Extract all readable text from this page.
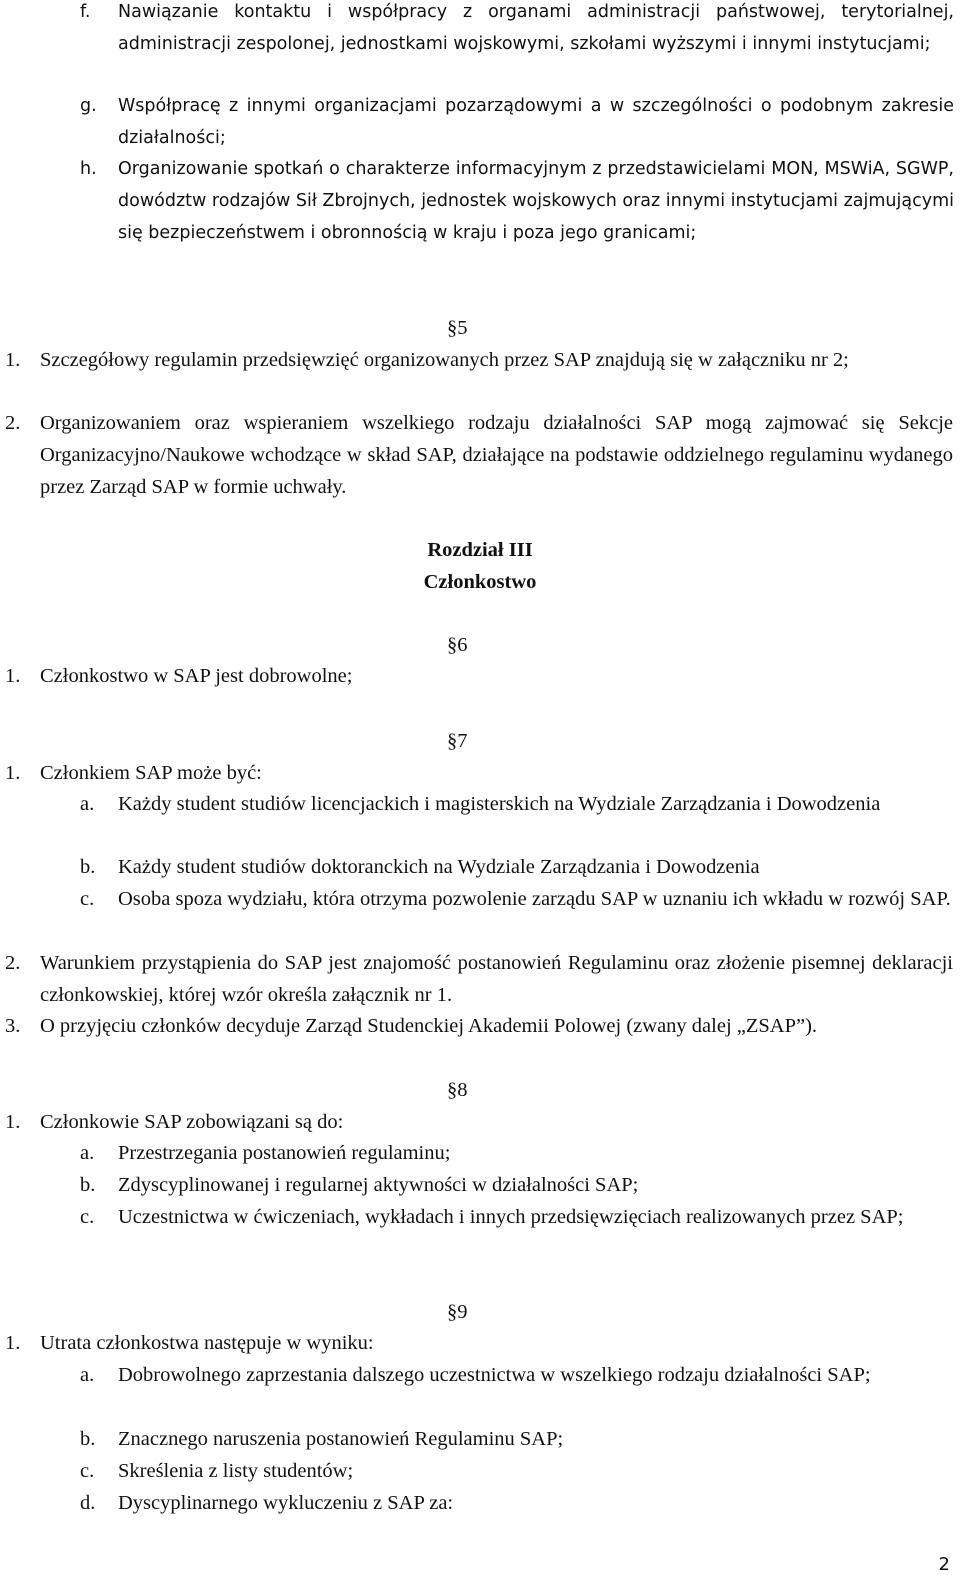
f. Nawiązanie kontaktu i współpracy z organami administracji państwowej, terytorialnej, administracji zespolonej, jednostkami wojskowymi, szkołami wyższymi i innymi instytucjami;
g. Współpracę z innymi organizacjami pozarządowymi a w szczególności o podobnym zakresie działalności;
h. Organizowanie spotkań o charakterze informacyjnym z przedstawicielami MON, MSWiA, SGWP, dowództw rodzajów Sił Zbrojnych, jednostek wojskowych oraz innymi instytucjami zajmującymi się bezpieczeństwem i obronnością w kraju i poza jego granicami;
§5
1. Szczegółowy regulamin przedsięwzięć organizowanych przez SAP znajdują się w załączniku nr 2;
2. Organizowaniem oraz wspieraniem wszelkiego rodzaju działalności SAP mogą zajmować się Sekcje Organizacyjno/Naukowe wchodzące w skład SAP, działające na podstawie oddzielnego regulaminu wydanego przez Zarząd SAP w formie uchwały.
Rozdział III
Członkostwo
§6
1. Członkostwo w SAP jest dobrowolne;
§7
1. Członkiem SAP może być:
a. Każdy student studiów licencjackich i magisterskich na Wydziale Zarządzania i Dowodzenia
b. Każdy student studiów doktoranckich na Wydziale Zarządzania i Dowodzenia
c. Osoba spoza wydziału, która otrzyma pozwolenie zarządu SAP w uznaniu ich wkładu w rozwój SAP.
2. Warunkiem przystąpienia do SAP jest znajomość postanowień Regulaminu oraz złożenie pisemnej deklaracji członkowskiej, której wzór określa załącznik nr 1.
3. O przyjęciu członków decyduje Zarząd Studenckiej Akademii Polowej (zwany dalej „ZSAP”).
§8
1. Członkowie SAP zobowiązani są do:
a. Przestrzegania postanowień regulaminu;
b. Zdyscyplinowanej i regularnej aktywności w działalności SAP;
c. Uczestnictwa w ćwiczeniach, wykładach i innych przedsięwzięciach realizowanych przez SAP;
§9
1. Utrata członkostwa następuje w wyniku:
a. Dobrowolnego zaprzestania dalszego uczestnictwa w wszelkiego rodzaju działalności SAP;
b. Znacznego naruszenia postanowień Regulaminu SAP;
c. Skreślenia z listy studentów;
d. Dyscyplinarnego wykluczeniu z SAP za:
2
